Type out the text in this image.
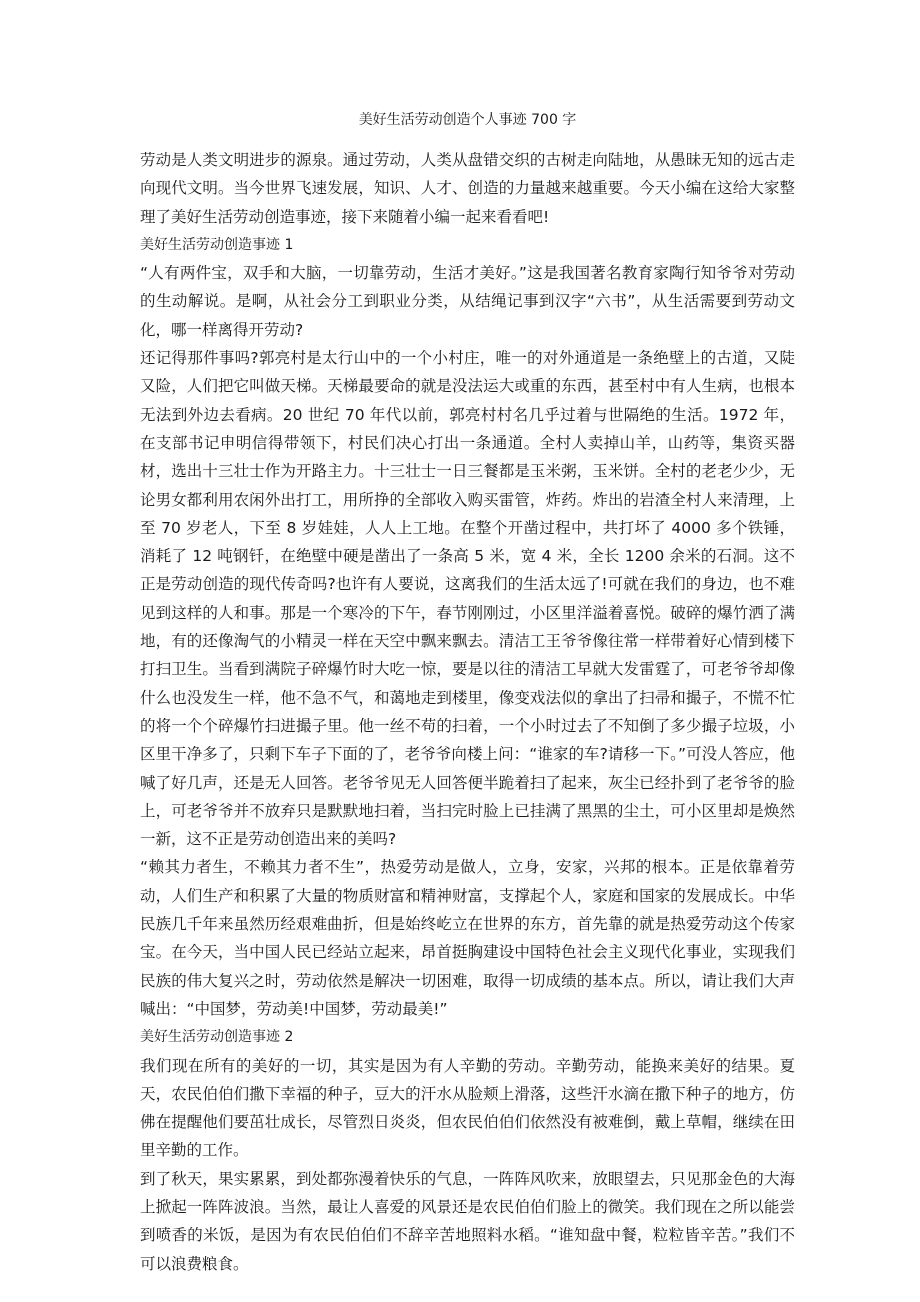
美好生活劳动创造个人事迹 700 字

劳动是人类文明进步的源泉。通过劳动，人类从盘错交织的古树走向陆地，从愚昧无知的远古走向现代文明。当今世界飞速发展，知识、人才、创造的力量越来越重要。今天小编在这给大家整理了美好生活劳动创造事迹，接下来随着小编一起来看看吧!

美好生活劳动创造事迹 1

“人有两件宝，双手和大脑，一切靠劳动，生活才美好。”这是我国著名教育家陶行知爷爷对劳动的生动解说。是啊，从社会分工到职业分类，从结绳记事到汉字“六书”，从生活需要到劳动文化，哪一样离得开劳动?

还记得那件事吗?郭亮村是太行山中的一个小村庄，唯一的对外通道是一条绝壁上的古道，又陡又险，人们把它叫做天梯。天梯最要命的就是没法运大或重的东西，甚至村中有人生病，也根本无法到外边去看病。20 世纪 70 年代以前，郭亮村村名几乎过着与世隔绝的生活。1972 年，在支部书记申明信得带领下，村民们决心打出一条通道。全村人卖掉山羊，山药等，集资买器材，选出十三壮士作为开路主力。十三壮士一日三餐都是玉米粥，玉米饼。全村的老老少少，无论男女都利用农闲外出打工，用所挣的全部收入购买雷管，炸药。炸出的岩渣全村人来清理，上至 70 岁老人，下至 8 岁娃娃，人人上工地。在整个开凿过程中，共打坏了 4000 多个铁锤，消耗了 12 吨钢钎，在绝壁中硬是凿出了一条高 5 米，宽 4 米，全长 1200 余米的石洞。这不正是劳动创造的现代传奇吗?也许有人要说，这离我们的生活太远了!可就在我们的身边，也不难见到这样的人和事。那是一个寒冷的下午，春节刚刚过，小区里洋溢着喜悦。破碎的爆竹洒了满地，有的还像淘气的小精灵一样在天空中飘来飘去。清洁工王爷爷像往常一样带着好心情到楼下打扫卫生。当看到满院子碎爆竹时大吃一惊，要是以往的清洁工早就大发雷霆了，可老爷爷却像什么也没发生一样，他不急不气，和蔼地走到楼里，像变戏法似的拿出了扫帚和撮子，不慌不忙的将一个个碎爆竹扫进撮子里。他一丝不苟的扫着，一个小时过去了不知倒了多少撮子垃圾，小区里干净多了，只剩下车子下面的了，老爷爷向楼上问：“谁家的车?请移一下。”可没人答应，他喊了好几声，还是无人回答。老爷爷见无人回答便半跪着扫了起来，灰尘已经扑到了老爷爷的脸上，可老爷爷并不放弃只是默默地扫着，当扫完时脸上已挂满了黑黑的尘土，可小区里却是焕然一新，这不正是劳动创造出来的美吗?

“赖其力者生，不赖其力者不生”，热爱劳动是做人，立身，安家，兴邦的根本。正是依靠着劳动，人们生产和积累了大量的物质财富和精神财富，支撑起个人，家庭和国家的发展成长。中华民族几千年来虽然历经艰难曲折，但是始终屹立在世界的东方，首先靠的就是热爱劳动这个传家宝。在今天，当中国人民已经站立起来，昂首挺胸建设中国特色社会主义现代化事业，实现我们民族的伟大复兴之时，劳动依然是解决一切困难，取得一切成绩的基本点。所以，请让我们大声喊出：“中国梦，劳动美!中国梦，劳动最美!”

美好生活劳动创造事迹 2

我们现在所有的美好的一切，其实是因为有人辛勤的劳动。辛勤劳动，能换来美好的结果。夏天，农民伯伯们撒下幸福的种子，豆大的汗水从脸颊上滑落，这些汗水滴在撒下种子的地方，仿佛在提醒他们要茁壮成长，尽管烈日炎炎，但农民伯伯们依然没有被难倒，戴上草帽，继续在田里辛勤的工作。

到了秋天，果实累累，到处都弥漫着快乐的气息，一阵阵风吹来，放眼望去，只见那金色的大海上掀起一阵阵波浪。当然，最让人喜爱的风景还是农民伯伯们脸上的微笑。我们现在之所以能尝到喷香的米饭，是因为有农民伯伯们不辞辛苦地照料水稻。“谁知盘中餐，粒粒皆辛苦。”我们不可以浪费粮食。
